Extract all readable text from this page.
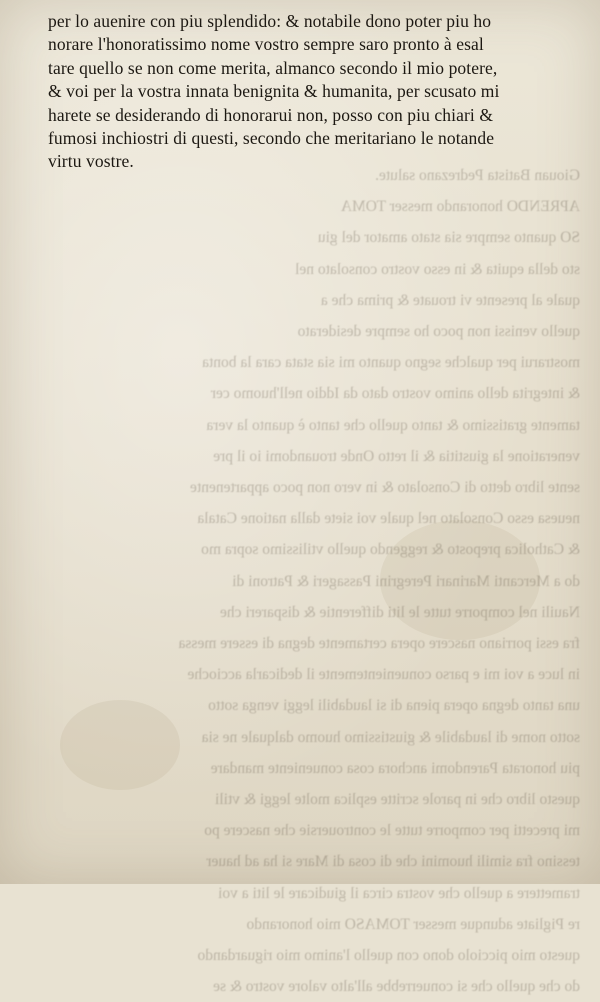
Giouan Batista Pedrezano salute.
APRENDO honorando messer TOMA
SO quanto sempre sia stato amator del giu
sto della equita & in esso vostro consolato nel
quale al presente vi trouate & prima che a
quello venissi non poco ho sempre desiderato
mostrarui per qualche segno quanto mi sia stata cara la bonta
& integrita dello animo vostro dato da Iddio nell'huomo cer
tamente gratissimo & tanto quello che tanto è quanto la vera
veneratione la giustitia & il retto Onde trouandomi io il pre
sente libro detto di Consolato & in vero non poco appartenente
neuesa esso Consolato nel quale voi siete dalla natione Catala
& Catholica preposto & reggendo quello vtilissimo sopra mo
do a Mercanti Marinari Peregrini Passageri & Patroni di
Nauili nel comporre tutte le liti differentie & dispareri che
fra essi porriano nascere opera certamente degna di essere messa
in luce a voi mi e parso conuenientemente il dedicarla accioche
una tanto degna opera piena di si laudabili leggi venga sotto
sotto nome di laudabile & giustissimo huomo dalquale ne sia
piu honorata Parendomi anchora cosa conueniente mandare
questo libro che in parole scritte esplica molte leggi & vtili
mi precetti per comporre tutte le controuersie che nascere po
tessino fra simili huomini che di cosa di Mare si ha ad hauer
tramettere a quello che vostra circa il giudicare le liti a voi
re Pigliate adunque messer TOMASO mio honorando
questo mio picciolo dono con quello l'animo mio riguardando
do che quello che si conuerrebbe all'alto valore vostro & se
per lo auenire con piu splendido: & notabile dono poter piu ho
norare l'honoratissimo nome vostro sempre saro pronto à esal
tare quello se non come merita, almanco secondo il mio potere,
& voi per la vostra innata benignita & humanita, per scusato mi
harete se desiderando di honorarui non, posso con piu chiari &
fumosi inchiostri di questi, secondo che meritariano le notande
virtu vostre.
